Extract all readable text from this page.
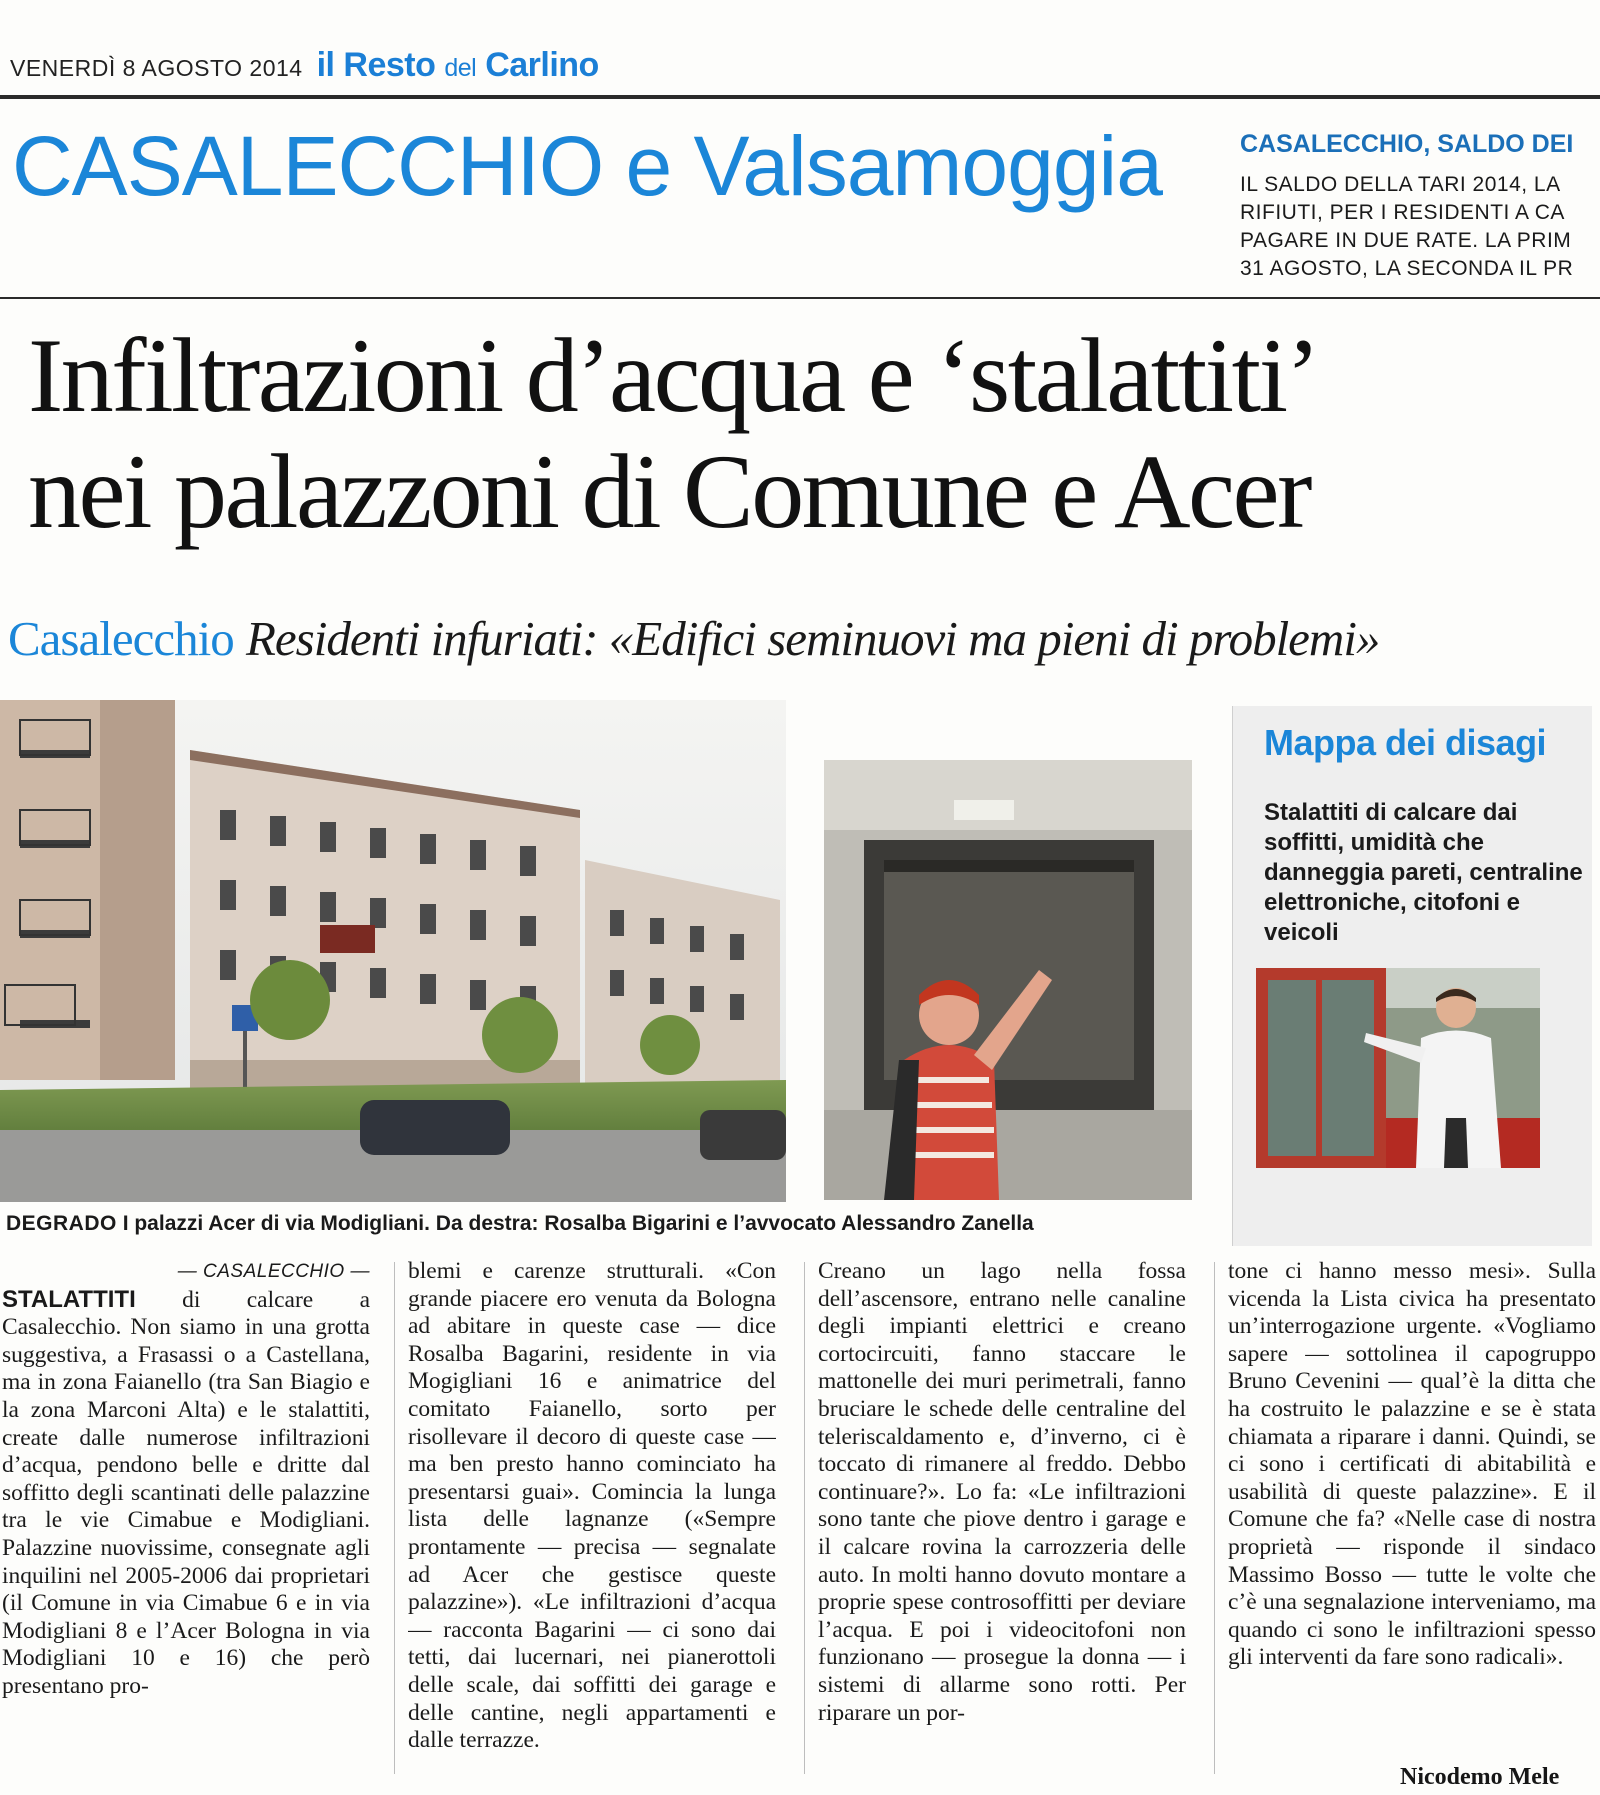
VENERDÌ 8 AGOSTO 2014 il Resto del Carlino
CASALECCHIO e Valsamoggia	CASALECCHIO, SALDO DEI
IL SALDO DELLA TARI 2014, LA
RIFIUTI, PER I RESIDENTI A CA
PAGARE IN DUE RATE. LA PRIM
31 AGOSTO, LA SECONDA IL PR
Infiltrazioni d’acqua e ‘stalattiti’
nei palazzoni di Comune e Acer
Casalecchio Residenti infuriati: «Edifici seminuovi ma pieni di problemi»
Mappa dei disagi
Stalattiti di calcare dai soffitti, umidità che danneggia pareti, centraline elettroniche, citofoni e veicoli
DEGRADO I palazzi Acer di via Modigliani. Da destra: Rosalba Bigarini e l’avvocato Alessandro Zanella
— CASALECCHIO —

STALATTITI di calcare a Casalecchio. Non siamo in una grotta suggestiva, a Frasassi o a Castellana, ma in zona Faianello (tra San Biagio e la zona Marconi Alta) e le stalattiti, create dalle numerose infiltrazioni d’acqua, pendono belle e dritte dal soffitto degli scantinati delle palazzine tra le vie Cimabue e Modigliani. Palazzine nuovissime, consegnate agli inquilini nel 2005-2006 dai proprietari (il Comune in via Cimabue 6 e in via Modigliani 8 e l’Acer Bologna in via Modigliani 10 e 16) che però presentano pro-

blemi e carenze strutturali. «Con grande piacere ero venuta da Bologna ad abitare in queste case — dice Rosalba Bagarini, residente in via Mogigliani 16 e animatrice del comitato Faianello, sorto per risollevare il decoro di queste case — ma ben presto hanno cominciato ha presentarsi guai». Comincia la lunga lista delle lagnanze («Sempre prontamente — precisa — segnalate ad Acer che gestisce queste palazzine»). «Le infiltrazioni d’acqua — racconta Bagarini — ci sono dai tetti, dai lucernari, nei pianerottoli delle scale, dai soffitti dei garage e delle cantine, negli appartamenti e dalle terrazze.

Creano un lago nella fossa dell’ascensore, entrano nelle canaline degli impianti elettrici e creano cortocircuiti, fanno staccare le mattonelle dei muri perimetrali, fanno bruciare le schede delle centraline del teleriscaldamento e, d’inverno, ci è toccato di rimanere al freddo. Debbo continuare?». Lo fa: «Le infiltrazioni sono tante che piove dentro i garage e il calcare rovina la carrozzeria delle auto. In molti hanno dovuto montare a proprie spese controsoffitti per deviare l’acqua. E poi i videocitofoni non funzionano — prosegue la donna — i sistemi di allarme sono rotti. Per riparare un por-

tone ci hanno messo mesi». Sulla vicenda la Lista civica ha presentato un’interrogazione urgente. «Vogliamo sapere — sottolinea il capogruppo Bruno Cevenini — qual’è la ditta che ha costruito le palazzine e se è stata chiamata a riparare i danni. Quindi, se ci sono i certificati di abitabilità e usabilità di queste palazzine». E il Comune che fa? «Nelle case di nostra proprietà — risponde il sindaco Massimo Bosso — tutte le volte che c’è una segnalazione interveniamo, ma quando ci sono le infiltrazioni spesso gli interventi da fare sono radicali».

Nicodemo Mele
